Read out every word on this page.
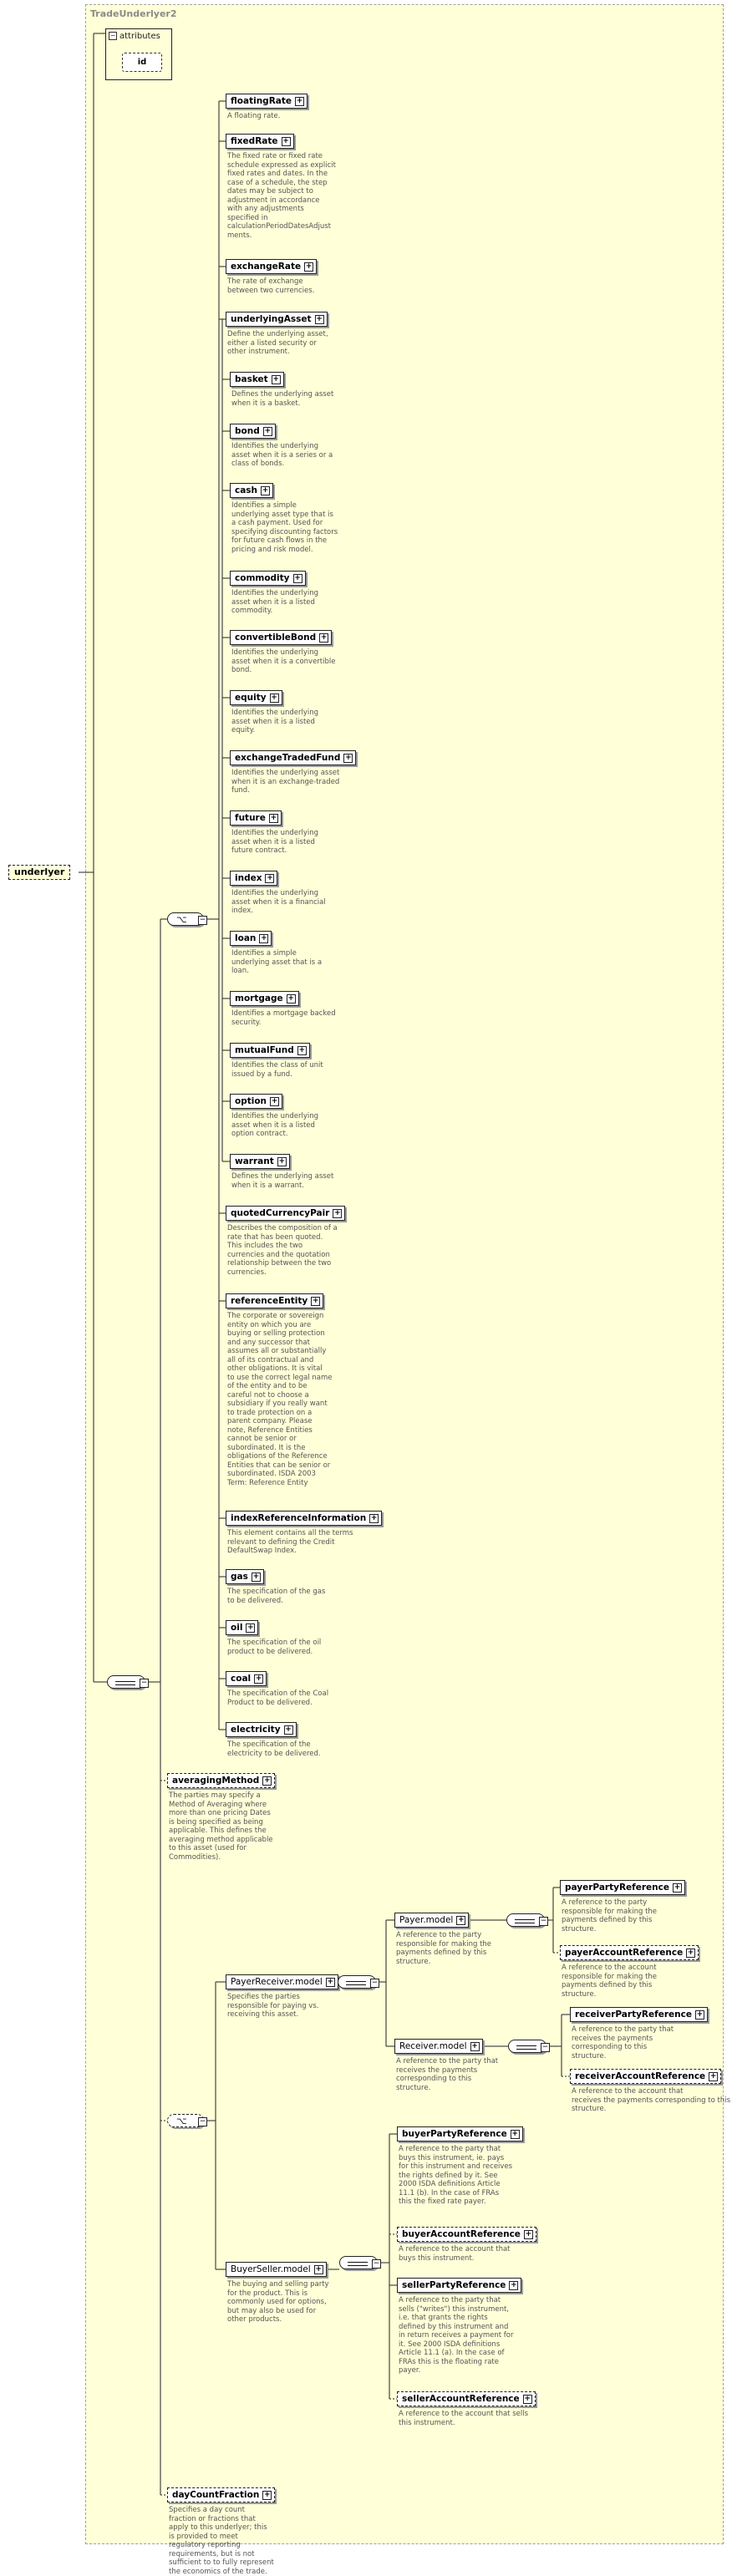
TradeUnderlyer2
− attributes
id
underlyer
floatingRate +
A floating rate.
fixedRate +
The fixed rate or fixed rate
schedule expressed as explicit
fixed rates and dates. In the
case of a schedule, the step
dates may be subject to
adjustment in accordance
with any adjustments
specified in
calculationPeriodDatesAdjust
ments.
exchangeRate +
The rate of exchange
between two currencies.
underlyingAsset +
Define the underlying asset,
either a listed security or
other instrument.
basket +
Defines the underlying asset
when it is a basket.
bond +
Identifies the underlying
asset when it is a series or a
class of bonds.
cash +
Identifies a simple
underlying asset type that is
a cash payment. Used for
specifying discounting factors
for future cash flows in the
pricing and risk model.
commodity +
Identifies the underlying
asset when it is a listed
commodity.
convertibleBond +
Identifies the underlying
asset when it is a convertible
bond.
equity +
Identifies the underlying
asset when it is a listed
equity.
exchangeTradedFund +
Identifies the underlying asset
when it is an exchange-traded
fund.
future +
Identifies the underlying
asset when it is a listed
future contract.
index +
Identifies the underlying
asset when it is a financial
index.
loan +
Identifies a simple
underlying asset that is a
loan.
mortgage +
Identifies a mortgage backed
security.
mutualFund +
Identifies the class of unit
issued by a fund.
option +
Identifies the underlying
asset when it is a listed
option contract.
warrant +
Defines the underlying asset
when it is a warrant.
quotedCurrencyPair +
Describes the composition of a
rate that has been quoted.
This includes the two
currencies and the quotation
relationship between the two
currencies.
referenceEntity +
The corporate or sovereign
entity on which you are
buying or selling protection
and any successor that
assumes all or substantially
all of its contractual and
other obligations. It is vital
to use the correct legal name
of the entity and to be
careful not to choose a
subsidiary if you really want
to trade protection on a
parent company. Please
note, Reference Entities
cannot be senior or
subordinated. It is the
obligations of the Reference
Entities that can be senior or
subordinated. ISDA 2003
Term: Reference Entity
indexReferenceInformation +
This element contains all the terms
relevant to defining the Credit
DefaultSwap Index.
gas +
The specification of the gas
to be delivered.
oil +
The specification of the oil
product to be delivered.
coal +
The specification of the Coal
Product to be delivered.
electricity +
The specification of the
electricity to be delivered.
averagingMethod +
The parties may specify a
Method of Averaging where
more than one pricing Dates
is being specified as being
applicable. This defines the
averaging method applicable
to this asset (used for
Commodities).
PayerReceiver.model +
Specifies the parties
responsible for paying vs.
receiving this asset.
Payer.model +
A reference to the party
responsible for making the
payments defined by this
structure.
payerPartyReference +
A reference to the party
responsible for making the
payments defined by this
structure.
payerAccountReference +
A reference to the account
responsible for making the
payments defined by this
structure.
Receiver.model +
A reference to the party that
receives the payments
corresponding to this
structure.
receiverPartyReference +
A reference to the party that
receives the payments
corresponding to this
structure.
receiverAccountReference +
A reference to the account that
receives the payments corresponding to this
structure.
BuyerSeller.model +
The buying and selling party
for the product. This is
commonly used for options,
but may also be used for
other products.
buyerPartyReference +
A reference to the party that
buys this instrument, ie. pays
for this instrument and receives
the rights defined by it. See
2000 ISDA definitions Article
11.1 (b). In the case of FRAs
this the fixed rate payer.
buyerAccountReference +
A reference to the account that
buys this instrument.
sellerPartyReference +
A reference to the party that
sells ("writes") this instrument,
i.e. that grants the rights
defined by this instrument and
in return receives a payment for
it. See 2000 ISDA definitions
Article 11.1 (a). In the case of
FRAs this is the floating rate
payer.
sellerAccountReference +
A reference to the account that sells
this instrument.
dayCountFraction +
Specifies a day count
fraction or fractions that
apply to this underlyer; this
is provided to meet
regulatory reporting
requirements, but is not
sufficient to to fully represent
the economics of the trade.
−
⌥ −
⌥ −
−
−
−
−
